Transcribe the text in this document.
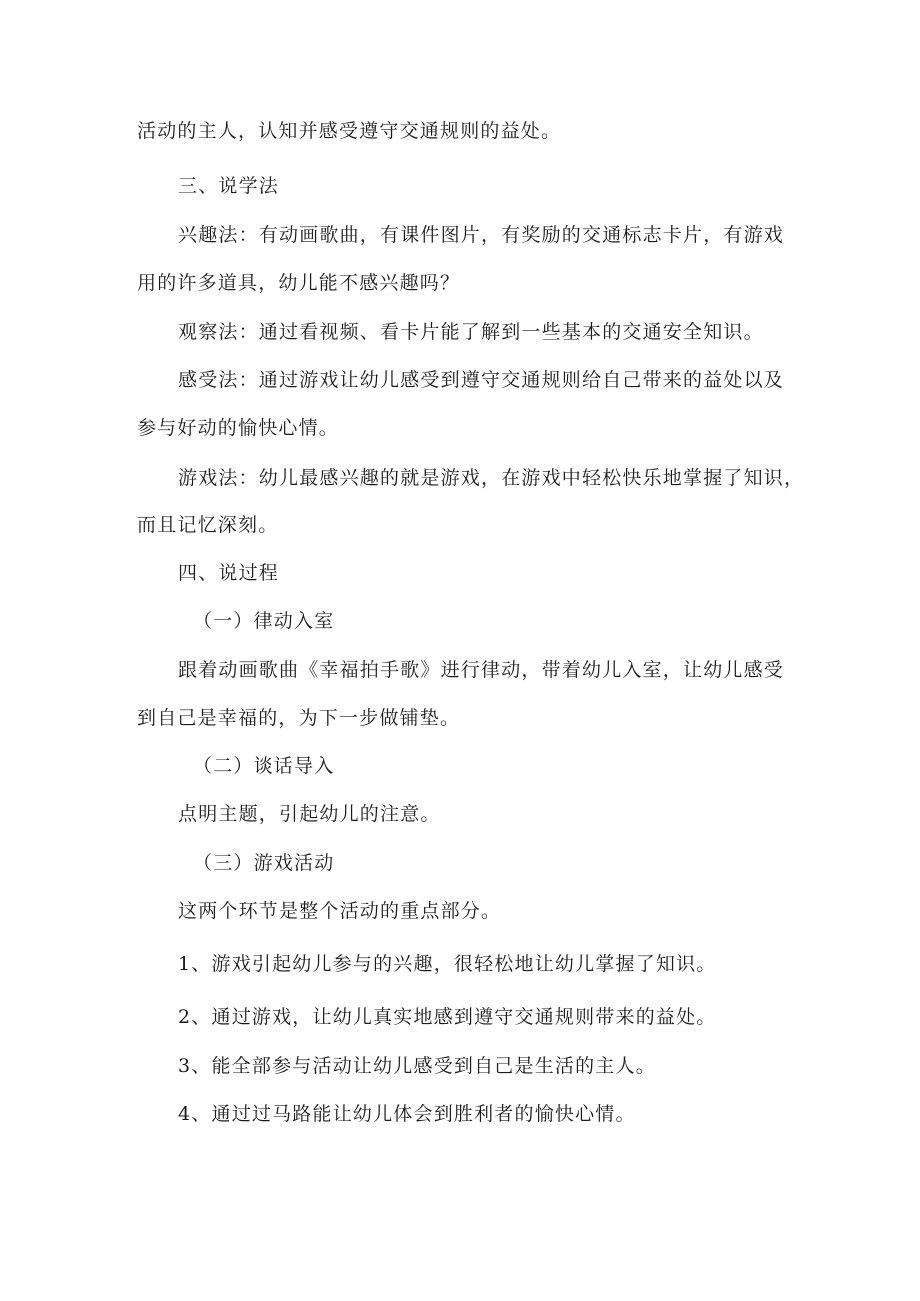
活动的主人，认知并感受遵守交通规则的益处。
三、说学法
兴趣法：有动画歌曲，有课件图片，有奖励的交通标志卡片，有游戏
用的许多道具，幼儿能不感兴趣吗？
观察法：通过看视频、看卡片能了解到一些基本的交通安全知识。
感受法：通过游戏让幼儿感受到遵守交通规则给自己带来的益处以及
参与好动的愉快心情。
游戏法：幼儿最感兴趣的就是游戏，在游戏中轻松快乐地掌握了知识，
而且记忆深刻。
四、说过程
（一）律动入室
跟着动画歌曲《幸福拍手歌》进行律动，带着幼儿入室，让幼儿感受
到自己是幸福的，为下一步做铺垫。
（二）谈话导入
点明主题，引起幼儿的注意。
（三）游戏活动
这两个环节是整个活动的重点部分。
1、游戏引起幼儿参与的兴趣，很轻松地让幼儿掌握了知识。
2、通过游戏，让幼儿真实地感到遵守交通规则带来的益处。
3、能全部参与活动让幼儿感受到自己是生活的主人。
4、通过过马路能让幼儿体会到胜利者的愉快心情。
